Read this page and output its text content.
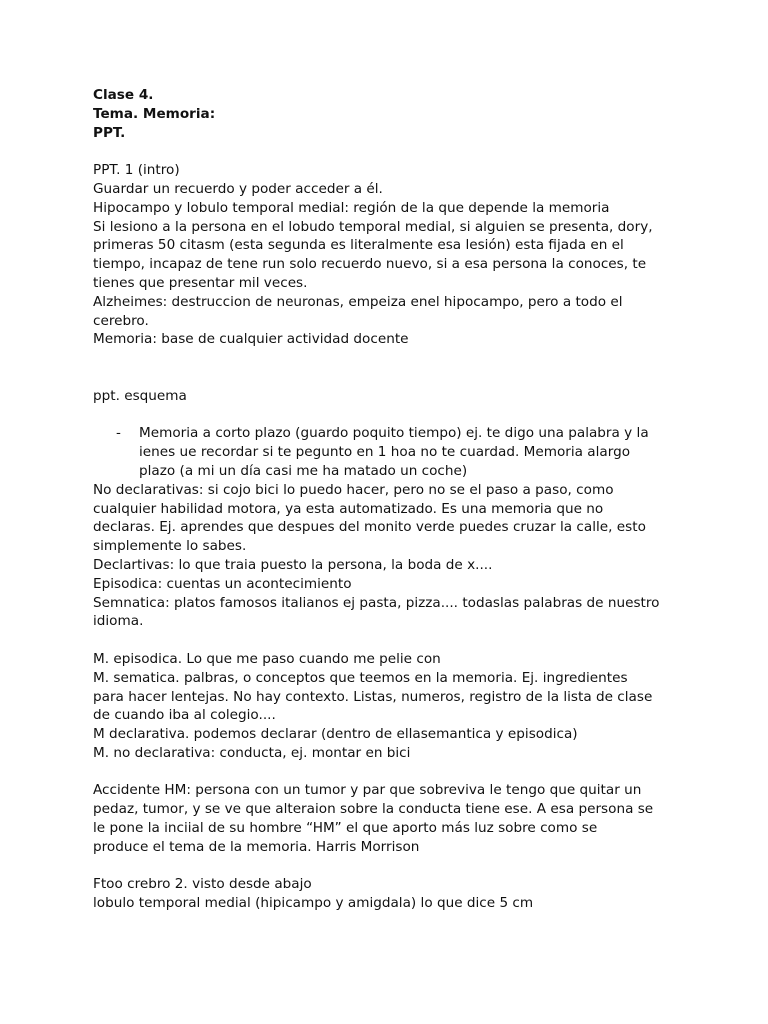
Clase 4.
Tema. Memoria:
PPT.
PPT. 1 (intro)
Guardar un recuerdo y poder acceder a él.
Hipocampo y lobulo temporal medial: región de la que depende la memoria
Si lesiono a la persona en el lobudo temporal medial, si alguien se presenta, dory,
primeras 50 citasm (esta segunda es literalmente esa lesión) esta fijada en el
tiempo, incapaz de tene run solo recuerdo nuevo, si a esa persona la conoces, te
tienes que presentar mil veces.
Alzheimes: destruccion de neuronas, empeiza enel hipocampo, pero a todo el
cerebro.
Memoria: base de cualquier actividad docente
ppt. esquema
- Memoria a corto plazo (guardo poquito tiempo) ej. te digo una palabra y la
ienes ue recordar si te pegunto en 1 hoa no te cuardad. Memoria alargo
plazo (a mi un día casi me ha matado un coche)
No declarativas: si cojo bici lo puedo hacer, pero no se el paso a paso, como
cualquier habilidad motora, ya esta automatizado. Es una memoria que no
declaras. Ej. aprendes que despues del monito verde puedes cruzar la calle, esto
simplemente lo sabes.
Declartivas: lo que traia puesto la persona, la boda de x....
Episodica: cuentas un acontecimiento
Semnatica: platos famosos italianos ej pasta, pizza.... todaslas palabras de nuestro
idioma.
M. episodica. Lo que me paso cuando me pelie con
M. sematica. palbras, o conceptos que teemos en la memoria. Ej. ingredientes
para hacer lentejas. No hay contexto. Listas, numeros, registro de la lista de clase
de cuando iba al colegio....
M declarativa. podemos declarar (dentro de ellasemantica y episodica)
M. no declarativa: conducta, ej. montar en bici
Accidente HM: persona con un tumor y par que sobreviva le tengo que quitar un
pedaz, tumor, y se ve que alteraion sobre la conducta tiene ese. A esa persona se
le pone la inciial de su hombre “HM” el que aporto más luz sobre como se
produce el tema de la memoria. Harris Morrison
Ftoo crebro 2. visto desde abajo
lobulo temporal medial (hipicampo y amigdala) lo que dice 5 cm
